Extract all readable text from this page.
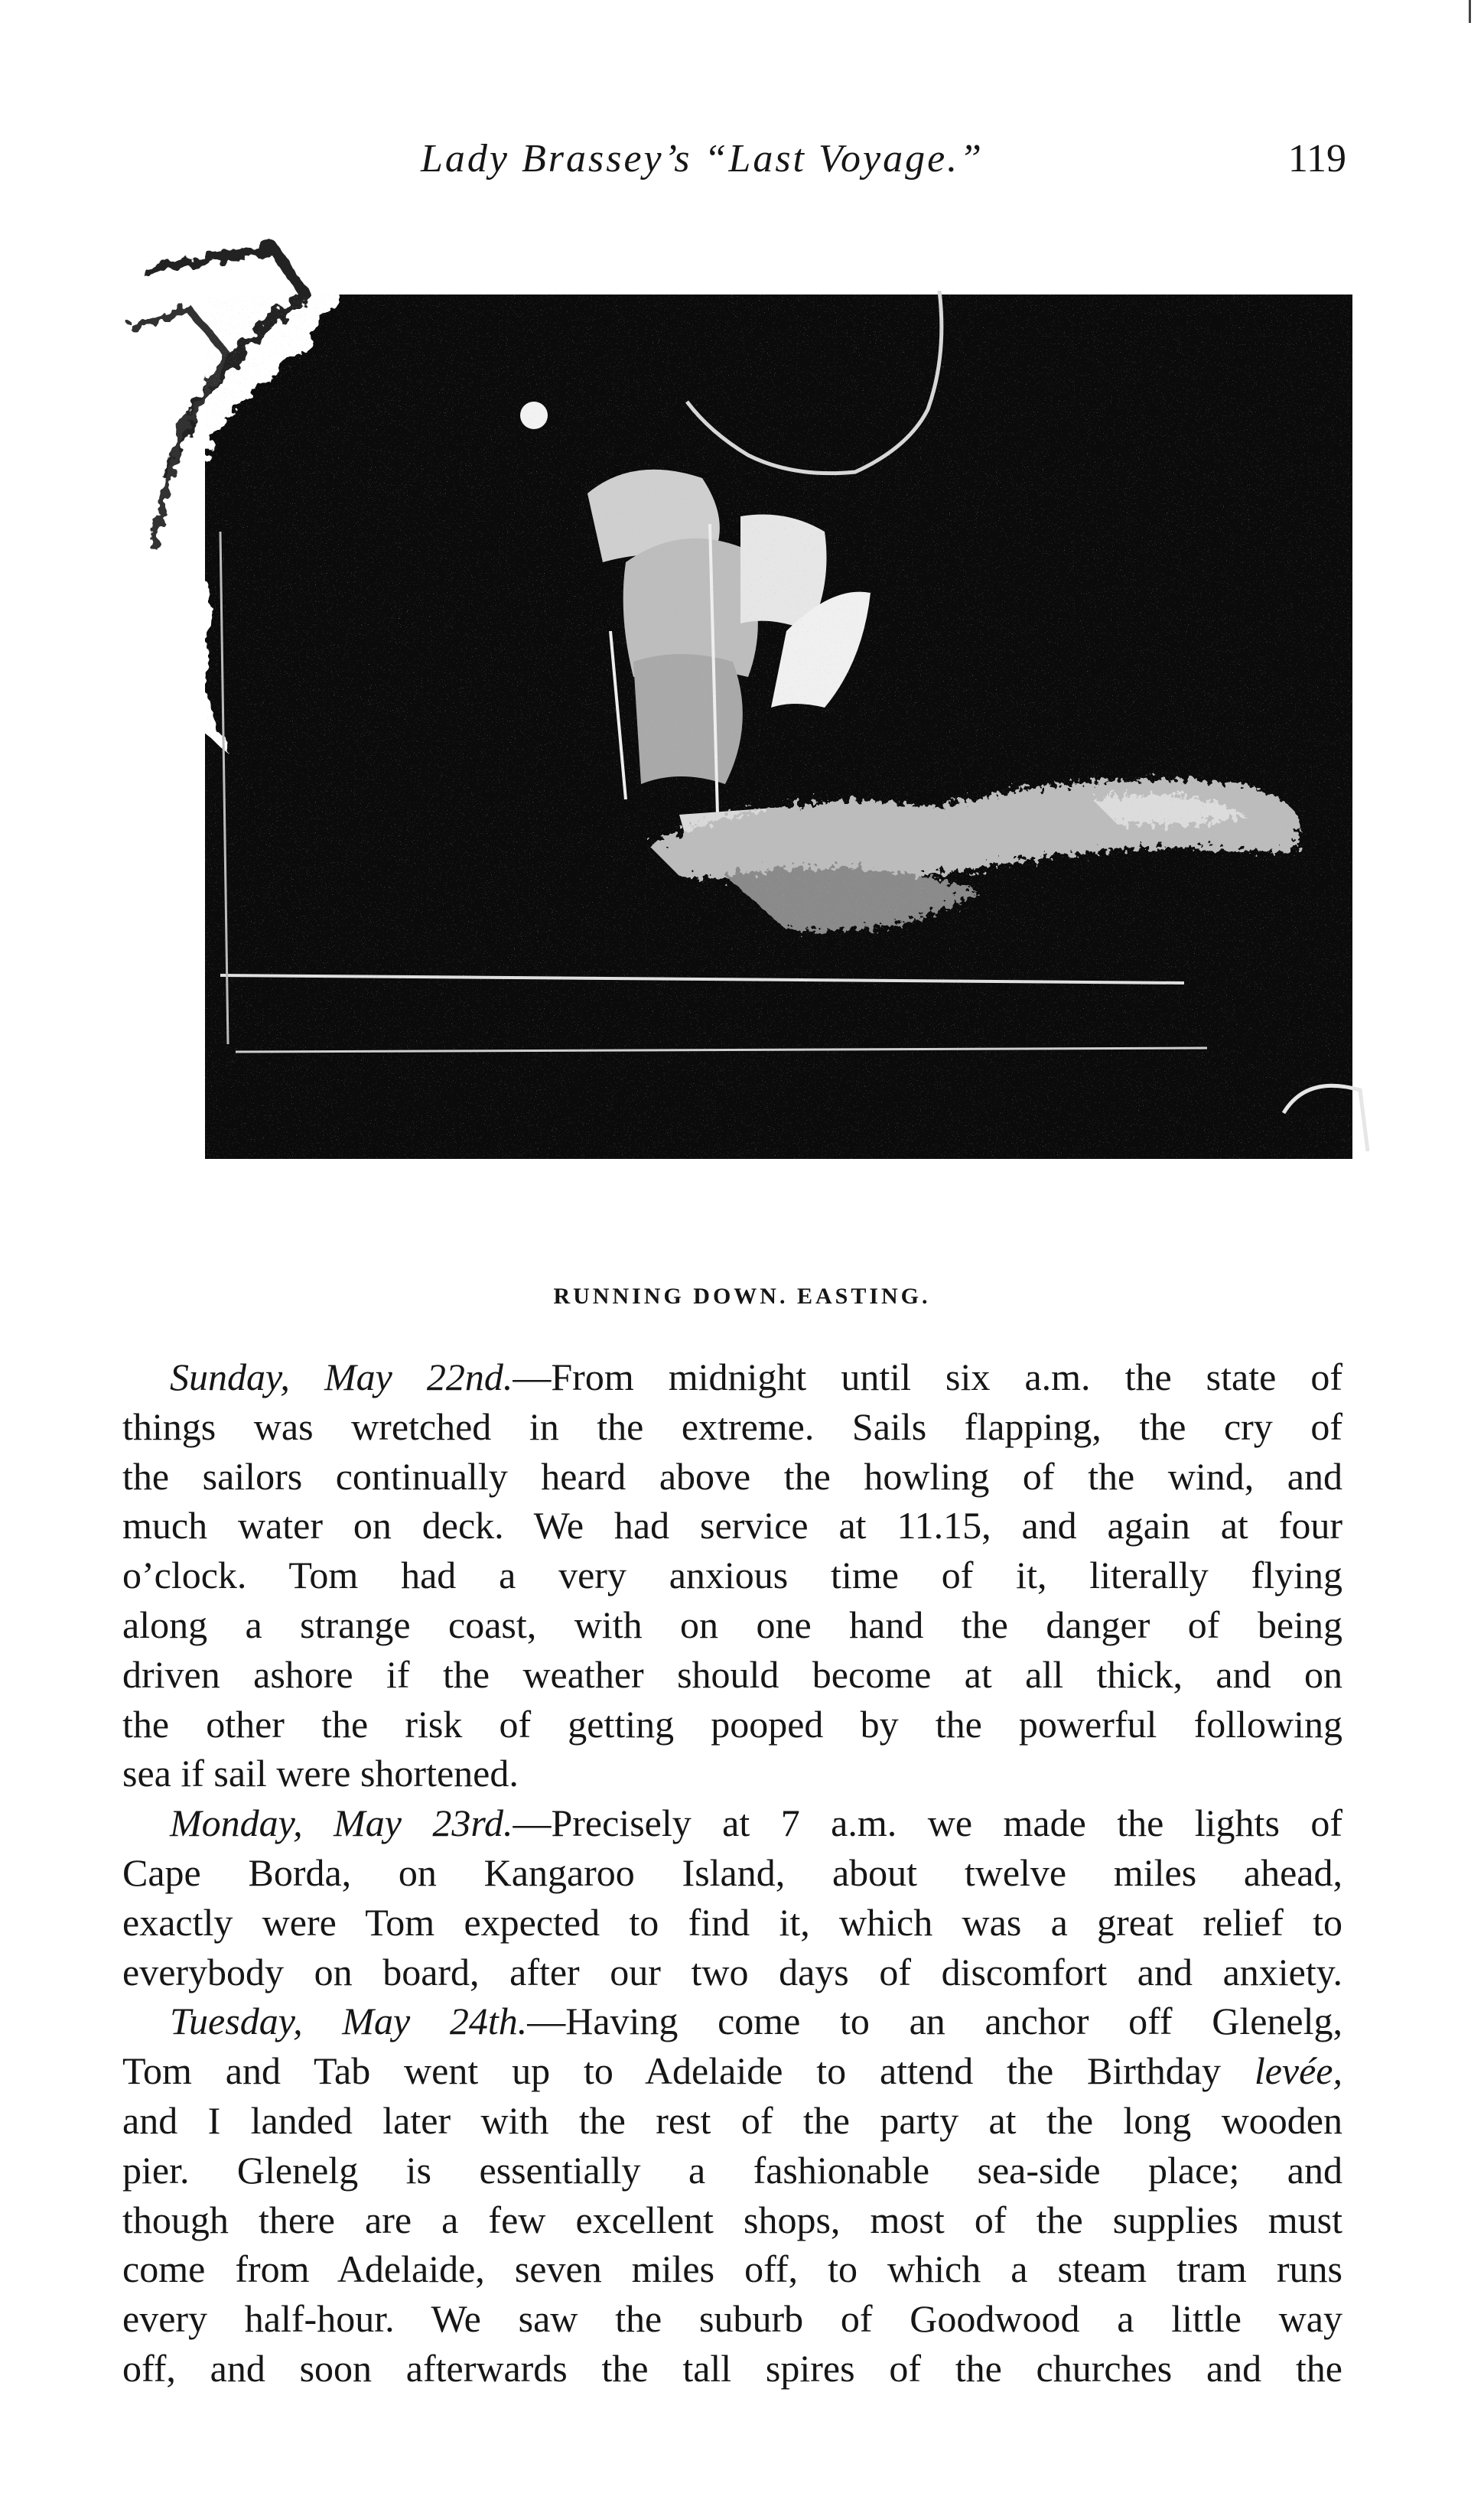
Lady Brassey’s “Last Voyage.”	119
RUNNING DOWN. EASTING.
Sunday, May 22nd.—From midnight until six a.m. the state of
things was wretched in the extreme. Sails flapping, the cry of
the sailors continually heard above the howling of the wind, and
much water on deck. We had service at 11.15, and again at four
o’clock. Tom had a very anxious time of it, literally flying
along a strange coast, with on one hand the danger of being
driven ashore if the weather should become at all thick, and on
the other the risk of getting pooped by the powerful following
sea if sail were shortened.
Monday, May 23rd.—Precisely at 7 a.m. we made the lights of
Cape Borda, on Kangaroo Island, about twelve miles ahead,
exactly were Tom expected to find it, which was a great relief to
everybody on board, after our two days of discomfort and anxiety.
Tuesday, May 24th.—Having come to an anchor off Glenelg,
Tom and Tab went up to Adelaide to attend the Birthday levée,
and I landed later with the rest of the party at the long wooden
pier. Glenelg is essentially a fashionable sea-side place; and
though there are a few excellent shops, most of the supplies must
come from Adelaide, seven miles off, to which a steam tram runs
every half-hour. We saw the suburb of Goodwood a little way
off, and soon afterwards the tall spires of the churches and the
